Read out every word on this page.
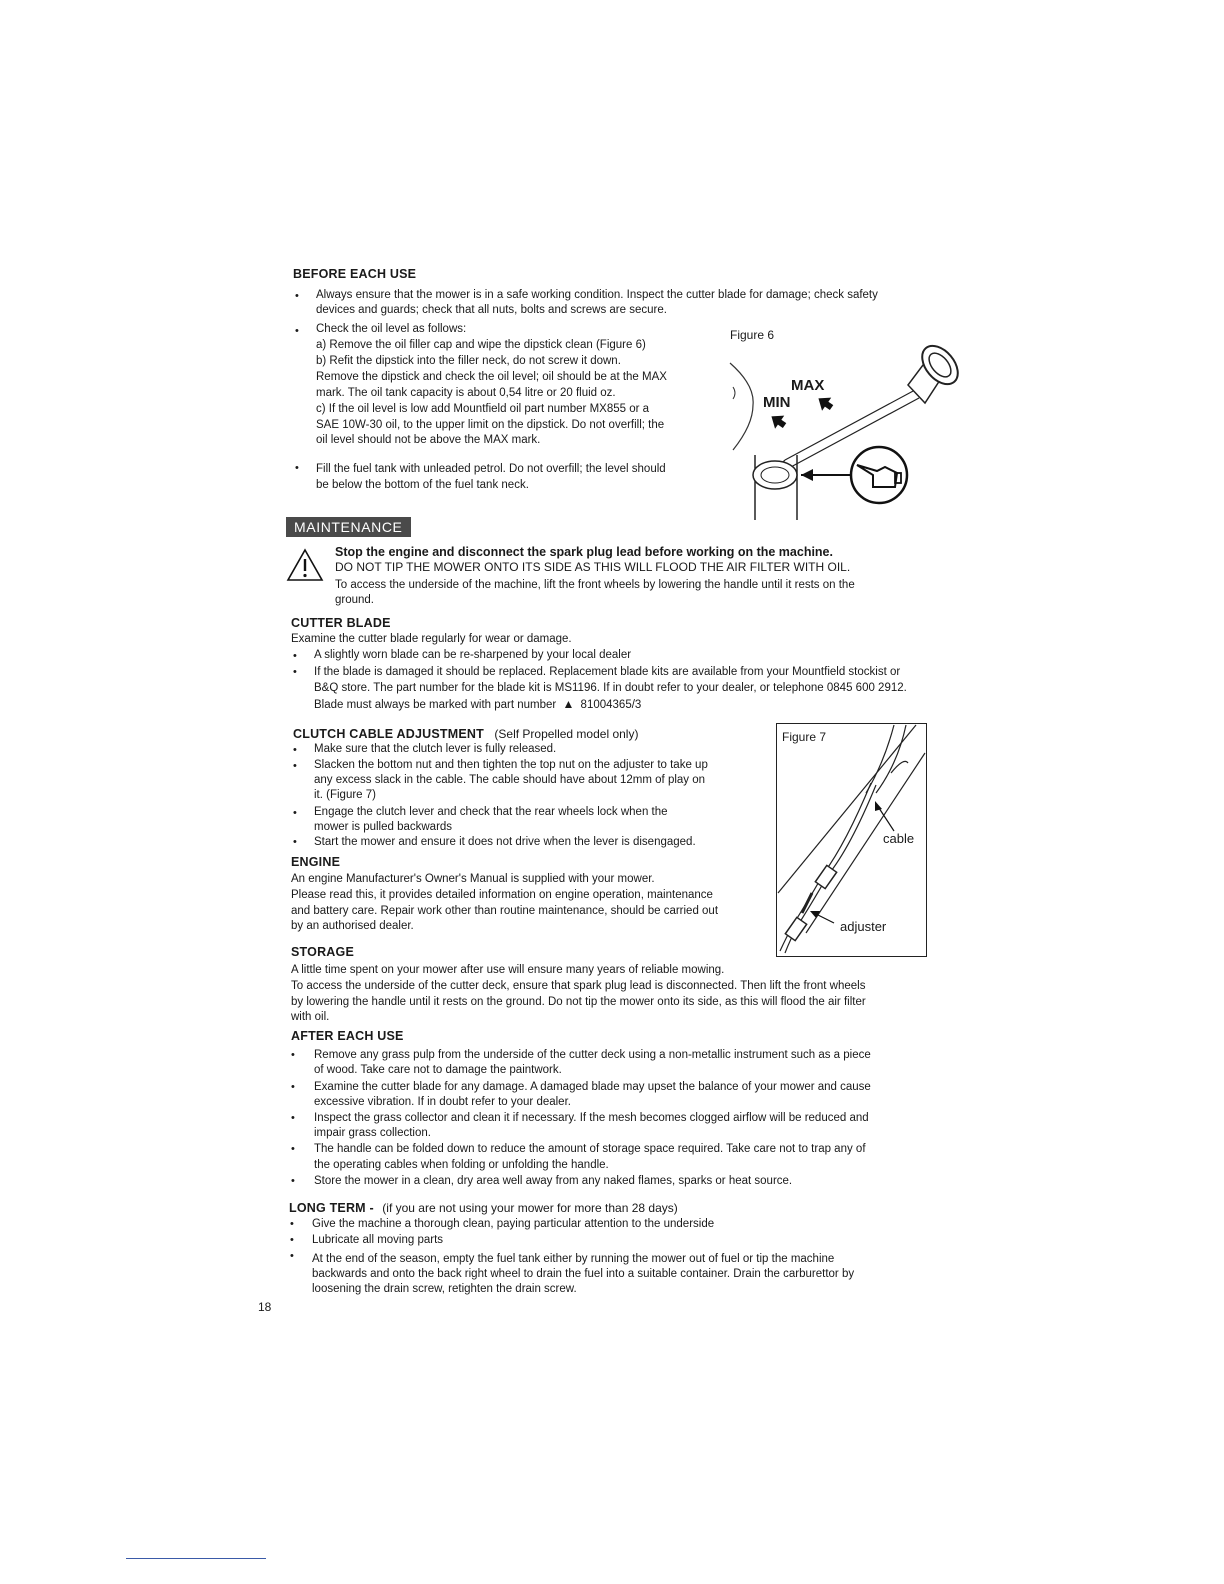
BEFORE EACH USE
• Always ensure that the mower is in a safe working condition. Inspect the cutter blade for damage; check safety
devices and guards; check that all nuts, bolts and screws are secure.
• Check the oil level as follows:
a) Remove the oil filler cap and wipe the dipstick clean (Figure 6)
b) Refit the dipstick into the filler neck, do not screw it down.
Remove the dipstick and check the oil level; oil should be at the MAX
mark. The oil tank capacity is about 0,54 litre or 20 fluid oz.
c) If the oil level is low add Mountfield oil part number MX855 or a
SAE 10W-30 oil, to the upper limit on the dipstick. Do not overfill; the
oil level should not be above the MAX mark.
• Fill the fuel tank with unleaded petrol. Do not overfill; the level should
be below the bottom of the fuel tank neck.
Figure 6
MAX
MIN
MAINTENANCE
Stop the engine and disconnect the spark plug lead before working on the machine.
DO NOT TIP THE MOWER ONTO ITS SIDE AS THIS WILL FLOOD THE AIR FILTER WITH OIL.
To access the underside of the machine, lift the front wheels by lowering the handle until it rests on the
ground.
CUTTER BLADE
Examine the cutter blade regularly for wear or damage.
• A slightly worn blade can be re-sharpened by your local dealer
• If the blade is damaged it should be replaced. Replacement blade kits are available from your Mountfield stockist or
B&Q store. The part number for the blade kit is MS1196. If in doubt refer to your dealer, or telephone 0845 600 2912.
Blade must always be marked with part number ▲ 81004365/3
CLUTCH CABLE ADJUSTMENT (Self Propelled model only)
• Make sure that the clutch lever is fully released.
• Slacken the bottom nut and then tighten the top nut on the adjuster to take up
any excess slack in the cable. The cable should have about 12mm of play on
it. (Figure 7)
• Engage the clutch lever and check that the rear wheels lock when the
mower is pulled backwards
• Start the mower and ensure it does not drive when the lever is disengaged.
Figure 7
cable
adjuster
ENGINE
An engine Manufacturer's Owner's Manual is supplied with your mower.
Please read this, it provides detailed information on engine operation, maintenance
and battery care. Repair work other than routine maintenance, should be carried out
by an authorised dealer.
STORAGE
A little time spent on your mower after use will ensure many years of reliable mowing.
To access the underside of the cutter deck, ensure that spark plug lead is disconnected. Then lift the front wheels
by lowering the handle until it rests on the ground. Do not tip the mower onto its side, as this will flood the air filter
with oil.
AFTER EACH USE
• Remove any grass pulp from the underside of the cutter deck using a non-metallic instrument such as a piece
of wood. Take care not to damage the paintwork.
• Examine the cutter blade for any damage. A damaged blade may upset the balance of your mower and cause
excessive vibration. If in doubt refer to your dealer.
• Inspect the grass collector and clean it if necessary. If the mesh becomes clogged airflow will be reduced and
impair grass collection.
• The handle can be folded down to reduce the amount of storage space required. Take care not to trap any of
the operating cables when folding or unfolding the handle.
• Store the mower in a clean, dry area well away from any naked flames, sparks or heat source.
LONG TERM - (if you are not using your mower for more than 28 days)
• Give the machine a thorough clean, paying particular attention to the underside
• Lubricate all moving parts
• At the end of the season, empty the fuel tank either by running the mower out of fuel or tip the machine
backwards and onto the back right wheel to drain the fuel into a suitable container. Drain the carburettor by
loosening the drain screw, retighten the drain screw.
18
